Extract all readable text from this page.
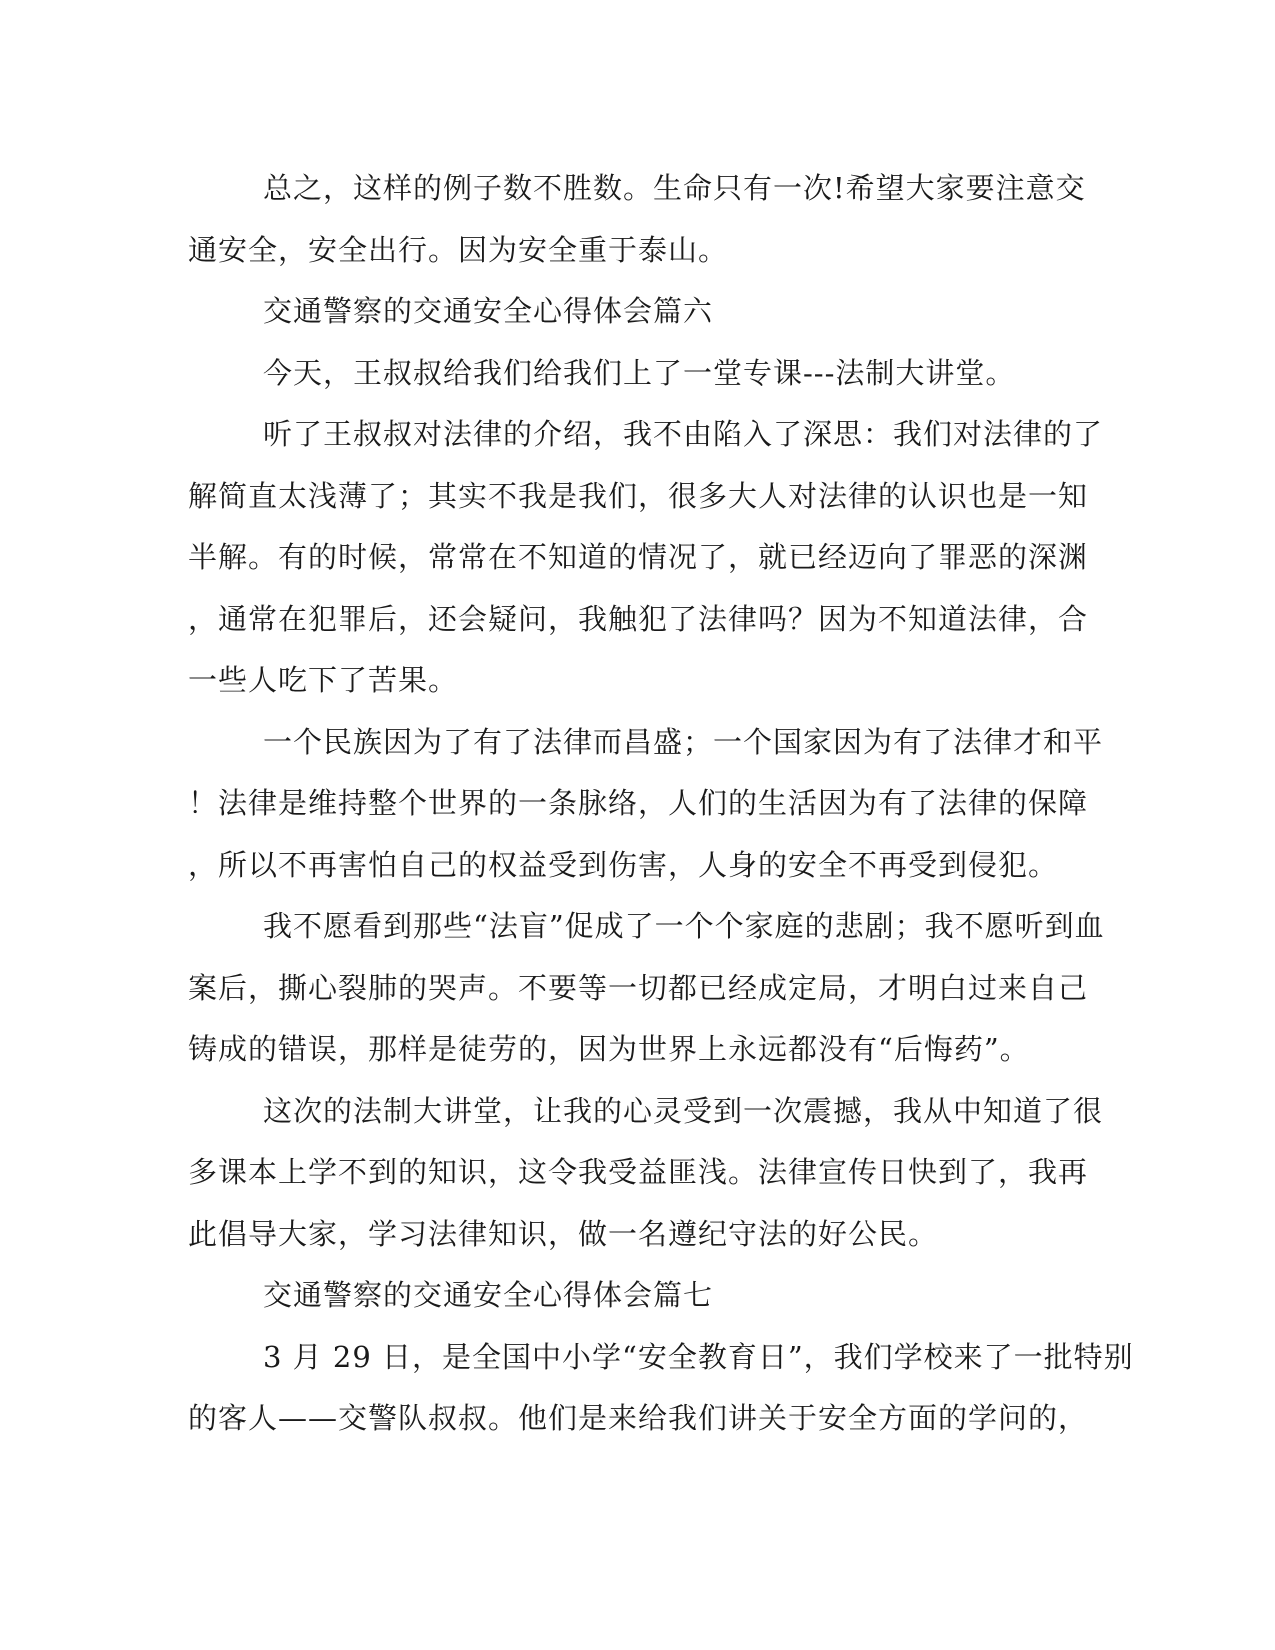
总之，这样的例子数不胜数。生命只有一次!希望大家要注意交
通安全，安全出行。因为安全重于泰山。
交通警察的交通安全心得体会篇六
今天，王叔叔给我们给我们上了一堂专课---法制大讲堂。
听了王叔叔对法律的介绍，我不由陷入了深思：我们对法律的了
解简直太浅薄了；其实不我是我们，很多大人对法律的认识也是一知
半解。有的时候，常常在不知道的情况了，就已经迈向了罪恶的深渊
，通常在犯罪后，还会疑问，我触犯了法律吗？因为不知道法律，合
一些人吃下了苦果。
一个民族因为了有了法律而昌盛；一个国家因为有了法律才和平
！法律是维持整个世界的一条脉络，人们的生活因为有了法律的保障
，所以不再害怕自己的权益受到伤害，人身的安全不再受到侵犯。
我不愿看到那些“法盲”促成了一个个家庭的悲剧；我不愿听到血
案后，撕心裂肺的哭声。不要等一切都已经成定局，才明白过来自己
铸成的错误，那样是徒劳的，因为世界上永远都没有“后悔药”。
这次的法制大讲堂，让我的心灵受到一次震撼，我从中知道了很
多课本上学不到的知识，这令我受益匪浅。法律宣传日快到了，我再
此倡导大家，学习法律知识，做一名遵纪守法的好公民。
交通警察的交通安全心得体会篇七
3 月 29 日，是全国中小学“安全教育日”，我们学校来了一批特别
的客人——交警队叔叔。他们是来给我们讲关于安全方面的学问的，
